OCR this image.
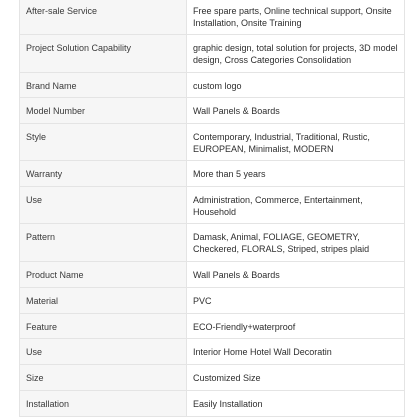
After-sale Service	Free spare parts, Online technical support, Onsite Installation, Onsite Training

Project Solution Capability	graphic design, total solution for projects, 3D model design, Cross Categories Consolidation

Brand Name	custom logo

Model Number	Wall Panels & Boards

Style	Contemporary, Industrial, Traditional, Rustic, EUROPEAN, Minimalist, MODERN

Warranty	More than 5 years

Use	Administration, Commerce, Entertainment, Household

Pattern	Damask, Animal, FOLIAGE, GEOMETRY, Checkered, FLORALS, Striped, stripes plaid

Product Name	Wall Panels & Boards

Material	PVC

Feature	ECO-Friendly+waterproof

Use	Interior Home Hotel Wall Decoratin

Size	Customized Size

Installation	Easily Installation
